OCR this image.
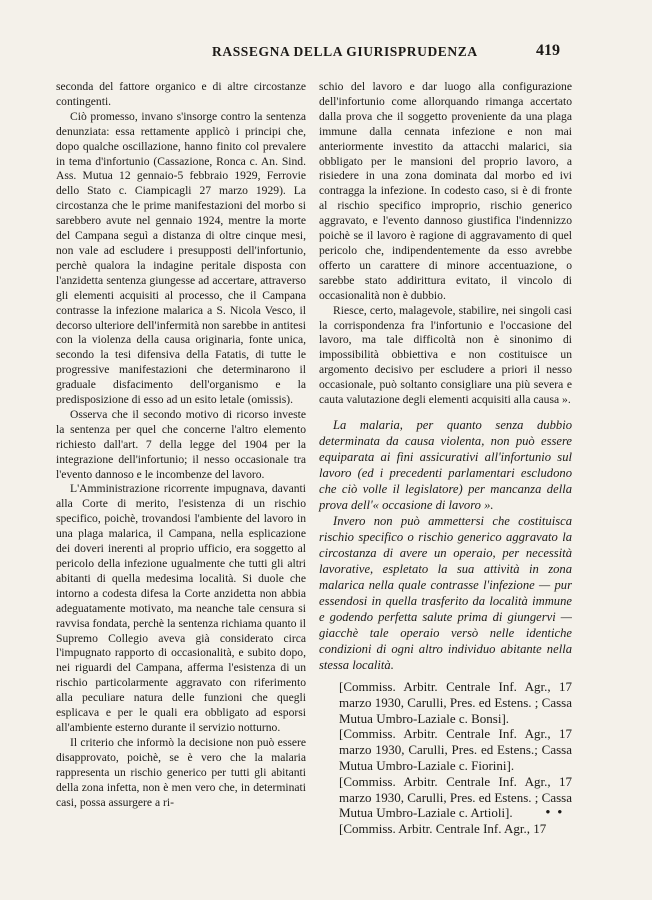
RASSEGNA DELLA GIURISPRUDENZA	419

seconda del fattore organico e di altre circostanze contingenti.

Ciò promesso, invano s'insorge contro la sentenza denunziata: essa rettamente applicò i principi che, dopo qualche oscillazione, hanno finito col prevalere in tema d'infortunio (Cassazione, Ronca c. An. Sind. Ass. Mutua 12 gennaio-5 febbraio 1929, Ferrovie dello Stato c. Ciampicagli 27 marzo 1929). La circostanza che le prime manifestazioni del morbo si sarebbero avute nel gennaio 1924, mentre la morte del Campana seguì a distanza di oltre cinque mesi, non vale ad escludere i presupposti dell'infortunio, perchè qualora la indagine peritale disposta con l'anzidetta sentenza giungesse ad accertare, attraverso gli elementi acquisiti al processo, che il Campana contrasse la infezione malarica a S. Nicola Vesco, il decorso ulteriore dell'infermità non sarebbe in antitesi con la violenza della causa originaria, fonte unica, secondo la tesi difensiva della Fatatis, di tutte le progressive manifestazioni che determinarono il graduale disfacimento dell'organismo e la predisposizione di esso ad un esito letale (omissis).

Osserva che il secondo motivo di ricorso investe la sentenza per quel che concerne l'altro elemento richiesto dall'art. 7 della legge del 1904 per la integrazione dell'infortunio; il nesso occasionale tra l'evento dannoso e le incombenze del lavoro.

L'Amministrazione ricorrente impugnava, davanti alla Corte di merito, l'esistenza di un rischio specifico, poichè, trovandosi l'ambiente del lavoro in una plaga malarica, il Campana, nella esplicazione dei doveri inerenti al proprio ufficio, era soggetto al pericolo della infezione ugualmente che tutti gli altri abitanti di quella medesima località. Si duole che intorno a codesta difesa la Corte anzidetta non abbia adeguatamente motivato, ma neanche tale censura si ravvisa fondata, perchè la sentenza richiama quanto il Supremo Collegio aveva già considerato circa l'impugnato rapporto di occasionalità, e subito dopo, nei riguardi del Campana, afferma l'esistenza di un rischio particolarmente aggravato con riferimento alla peculiare natura delle funzioni che quegli esplicava e per le quali era obbligato ad esporsi all'ambiente esterno durante il servizio notturno.

Il criterio che informò la decisione non può essere disapprovato, poichè, se è vero che la malaria rappresenta un rischio generico per tutti gli abitanti della zona infetta, non è men vero che, in determinati casi, possa assurgere a ri-

schio del lavoro e dar luogo alla configurazione dell'infortunio come allorquando rimanga accertato dalla prova che il soggetto proveniente da una plaga immune dalla cennata infezione e non mai anteriormente investito da attacchi malarici, sia obbligato per le mansioni del proprio lavoro, a risiedere in una zona dominata dal morbo ed ivi contragga la infezione. In codesto caso, si è di fronte al rischio specifico improprio, rischio generico aggravato, e l'evento dannoso giustifica l'indennizzo poichè se il lavoro è ragione di aggravamento di quel pericolo che, indipendentemente da esso avrebbe offerto un carattere di minore accentuazione, o sarebbe stato addirittura evitato, il vincolo di occasionalità non è dubbio.

Riesce, certo, malagevole, stabilire, nei singoli casi la corrispondenza fra l'infortunio e l'occasione del lavoro, ma tale difficoltà non è sinonimo di impossibilità obbiettiva e non costituisce un argomento decisivo per escludere a priori il nesso occasionale, può soltanto consigliare una più severa e cauta valutazione degli elementi acquisiti alla causa ».

La malaria, per quanto senza dubbio determinata da causa violenta, non può essere equiparata ai fini assicurativi all'infortunio sul lavoro (ed i precedenti parlamentari escludono che ciò volle il legislatore) per mancanza della prova dell'« occasione di lavoro ».

Invero non può ammettersi che costituisca rischio specifico o rischio generico aggravato la circostanza di avere un operaio, per necessità lavorative, espletato la sua attività in zona malarica nella quale contrasse l'infezione — pur essendosi in quella trasferito da località immune e godendo perfetta salute prima di giungervi — giacchè tale operaio versò nelle identiche condizioni di ogni altro individuo abitante nella stessa località.

[Commiss. Arbitr. Centrale Inf. Agr., 17 marzo 1930, Carulli, Pres. ed Estens. ; Cassa Mutua Umbro-Laziale c. Bonsi].

[Commiss. Arbitr. Centrale Inf. Agr., 17 marzo 1930, Carulli, Pres. ed Estens.; Cassa Mutua Umbro-Laziale c. Fiorini].

[Commiss. Arbitr. Centrale Inf. Agr., 17 marzo 1930, Carulli, Pres. ed Estens. ; Cassa Mutua Umbro-Laziale c. Artioli].

[Commiss. Arbitr. Centrale Inf. Agr., 17

• •
